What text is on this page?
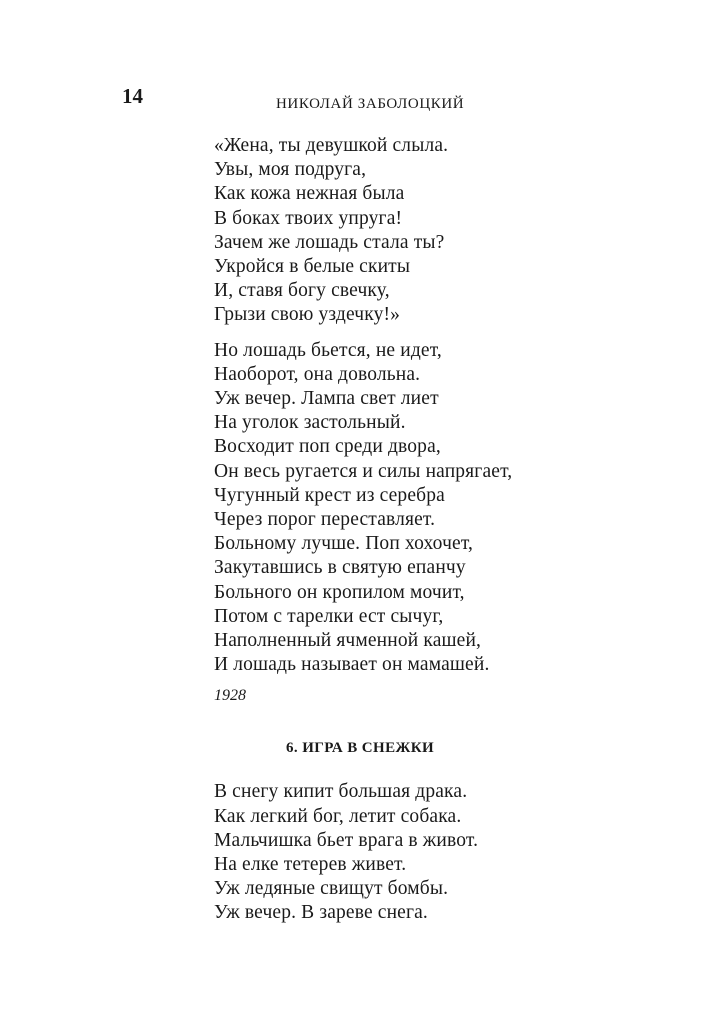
14	НИКОЛАЙ ЗАБОЛОЦКИЙ
«Жена, ты девушкой слыла.
Увы, моя подруга,
Как кожа нежная была
В боках твоих упруга!
Зачем же лошадь стала ты?
Укройся в белые скиты
И, ставя богу свечку,
Грызи свою уздечку!»
Но лошадь бьется, не идет,
Наоборот, она довольна.
Уж вечер. Лампа свет лиет
На уголок застольный.
Восходит поп среди двора,
Он весь ругается и силы напрягает,
Чугунный крест из серебра
Через порог переставляет.
Больному лучше. Поп хохочет,
Закутавшись в святую епанчу
Больного он кропилом мочит,
Потом с тарелки ест сычуг,
Наполненный ячменной кашей,
И лошадь называет он мамашей.
1928
6. ИГРА В СНЕЖКИ
В снегу кипит большая драка.
Как легкий бог, летит собака.
Мальчишка бьет врага в живот.
На елке тетерев живет.
Уж ледяные свищут бомбы.
Уж вечер. В зареве снега.
